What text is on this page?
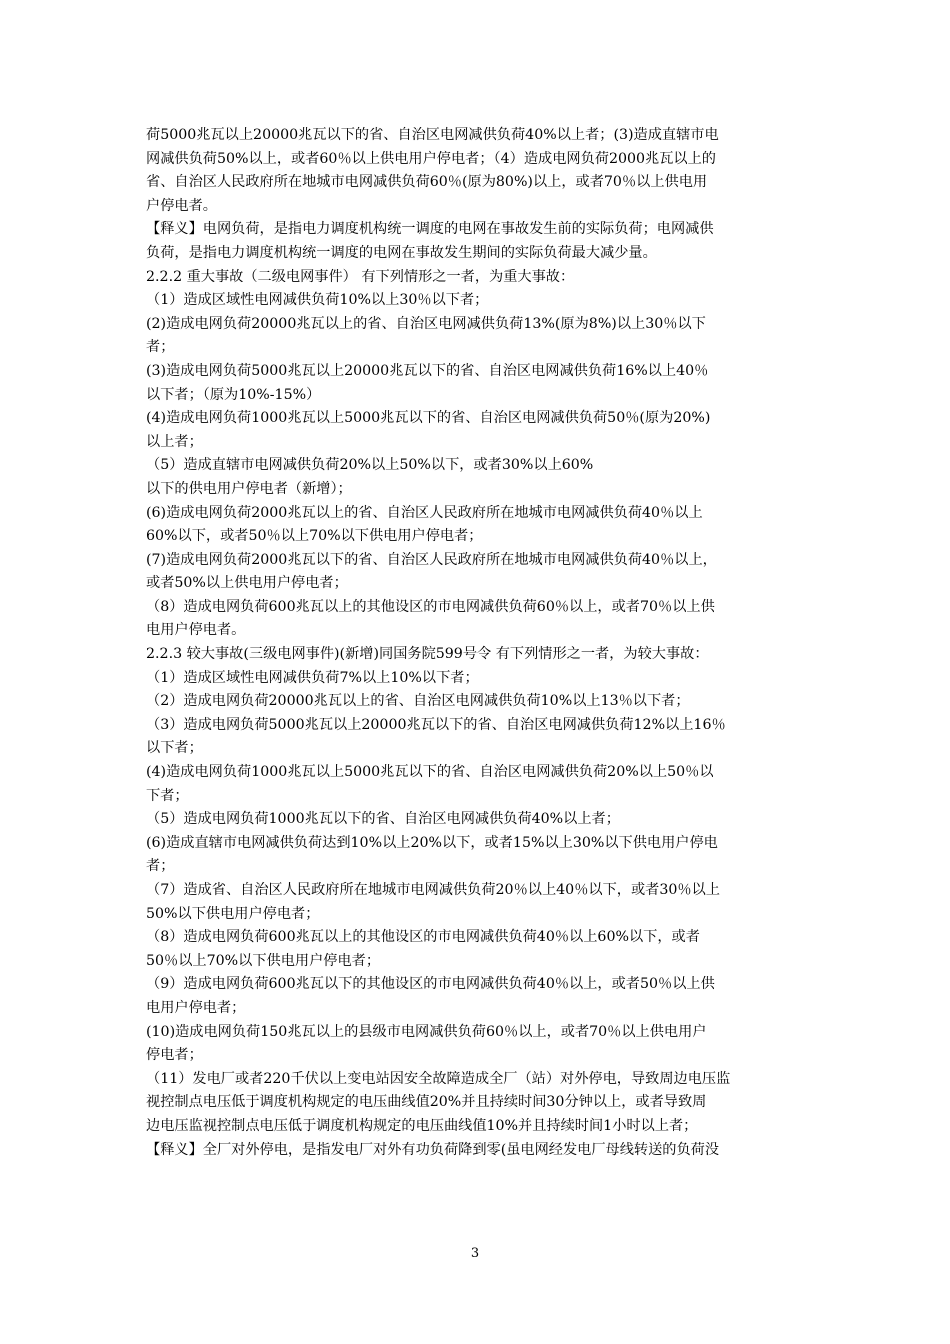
荷5000兆瓦以上20000兆瓦以下的省、自治区电网减供负荷40%以上者；(3)造成直辖市电
网减供负荷50%以上，或者60％以上供电用户停电者；（4）造成电网负荷2000兆瓦以上的
省、自治区人民政府所在地城市电网减供负荷60％(原为80%)以上，或者70％以上供电用
户停电者。
【释义】电网负荷，是指电力调度机构统一调度的电网在事故发生前的实际负荷；电网减供
负荷，是指电力调度机构统一调度的电网在事故发生期间的实际负荷最大减少量。
2.2.2 重大事故（二级电网事件） 有下列情形之一者，为重大事故：
（1）造成区域性电网减供负荷10%以上30％以下者；
(2)造成电网负荷20000兆瓦以上的省、自治区电网减供负荷13%(原为8%)以上30％以下
者；
(3)造成电网负荷5000兆瓦以上20000兆瓦以下的省、自治区电网减供负荷16%以上40％
以下者；（原为10%-15%）
(4)造成电网负荷1000兆瓦以上5000兆瓦以下的省、自治区电网减供负荷50％(原为20%)
以上者；
（5）造成直辖市电网减供负荷20%以上50%以下，或者30%以上60%
以下的供电用户停电者（新增）；
(6)造成电网负荷2000兆瓦以上的省、自治区人民政府所在地城市电网减供负荷40％以上
60%以下，或者50％以上70%以下供电用户停电者；
(7)造成电网负荷2000兆瓦以下的省、自治区人民政府所在地城市电网减供负荷40％以上，
或者50%以上供电用户停电者；
（8）造成电网负荷600兆瓦以上的其他设区的市电网减供负荷60％以上，或者70％以上供
电用户停电者。
2.2.3 较大事故(三级电网事件)(新增)同国务院599号令 有下列情形之一者，为较大事故：
（1）造成区域性电网减供负荷7%以上10%以下者；
（2）造成电网负荷20000兆瓦以上的省、自治区电网减供负荷10%以上13％以下者；
（3）造成电网负荷5000兆瓦以上20000兆瓦以下的省、自治区电网减供负荷12%以上16％
以下者；
(4)造成电网负荷1000兆瓦以上5000兆瓦以下的省、自治区电网减供负荷20%以上50％以
下者；
（5）造成电网负荷1000兆瓦以下的省、自治区电网减供负荷40%以上者；
(6)造成直辖市电网减供负荷达到10%以上20%以下，或者15%以上30%以下供电用户停电
者；
（7）造成省、自治区人民政府所在地城市电网减供负荷20％以上40％以下，或者30％以上
50%以下供电用户停电者；
（8）造成电网负荷600兆瓦以上的其他设区的市电网减供负荷40％以上60%以下，或者
50％以上70%以下供电用户停电者；
（9）造成电网负荷600兆瓦以下的其他设区的市电网减供负荷40％以上，或者50％以上供
电用户停电者；
(10)造成电网负荷150兆瓦以上的县级市电网减供负荷60％以上，或者70％以上供电用户
停电者；
（11）发电厂或者220千伏以上变电站因安全故障造成全厂（站）对外停电，导致周边电压监
视控制点电压低于调度机构规定的电压曲线值20%并且持续时间30分钟以上，或者导致周
边电压监视控制点电压低于调度机构规定的电压曲线值10%并且持续时间1小时以上者；
【释义】全厂对外停电，是指发电厂对外有功负荷降到零(虽电网经发电厂母线转送的负荷没
3
